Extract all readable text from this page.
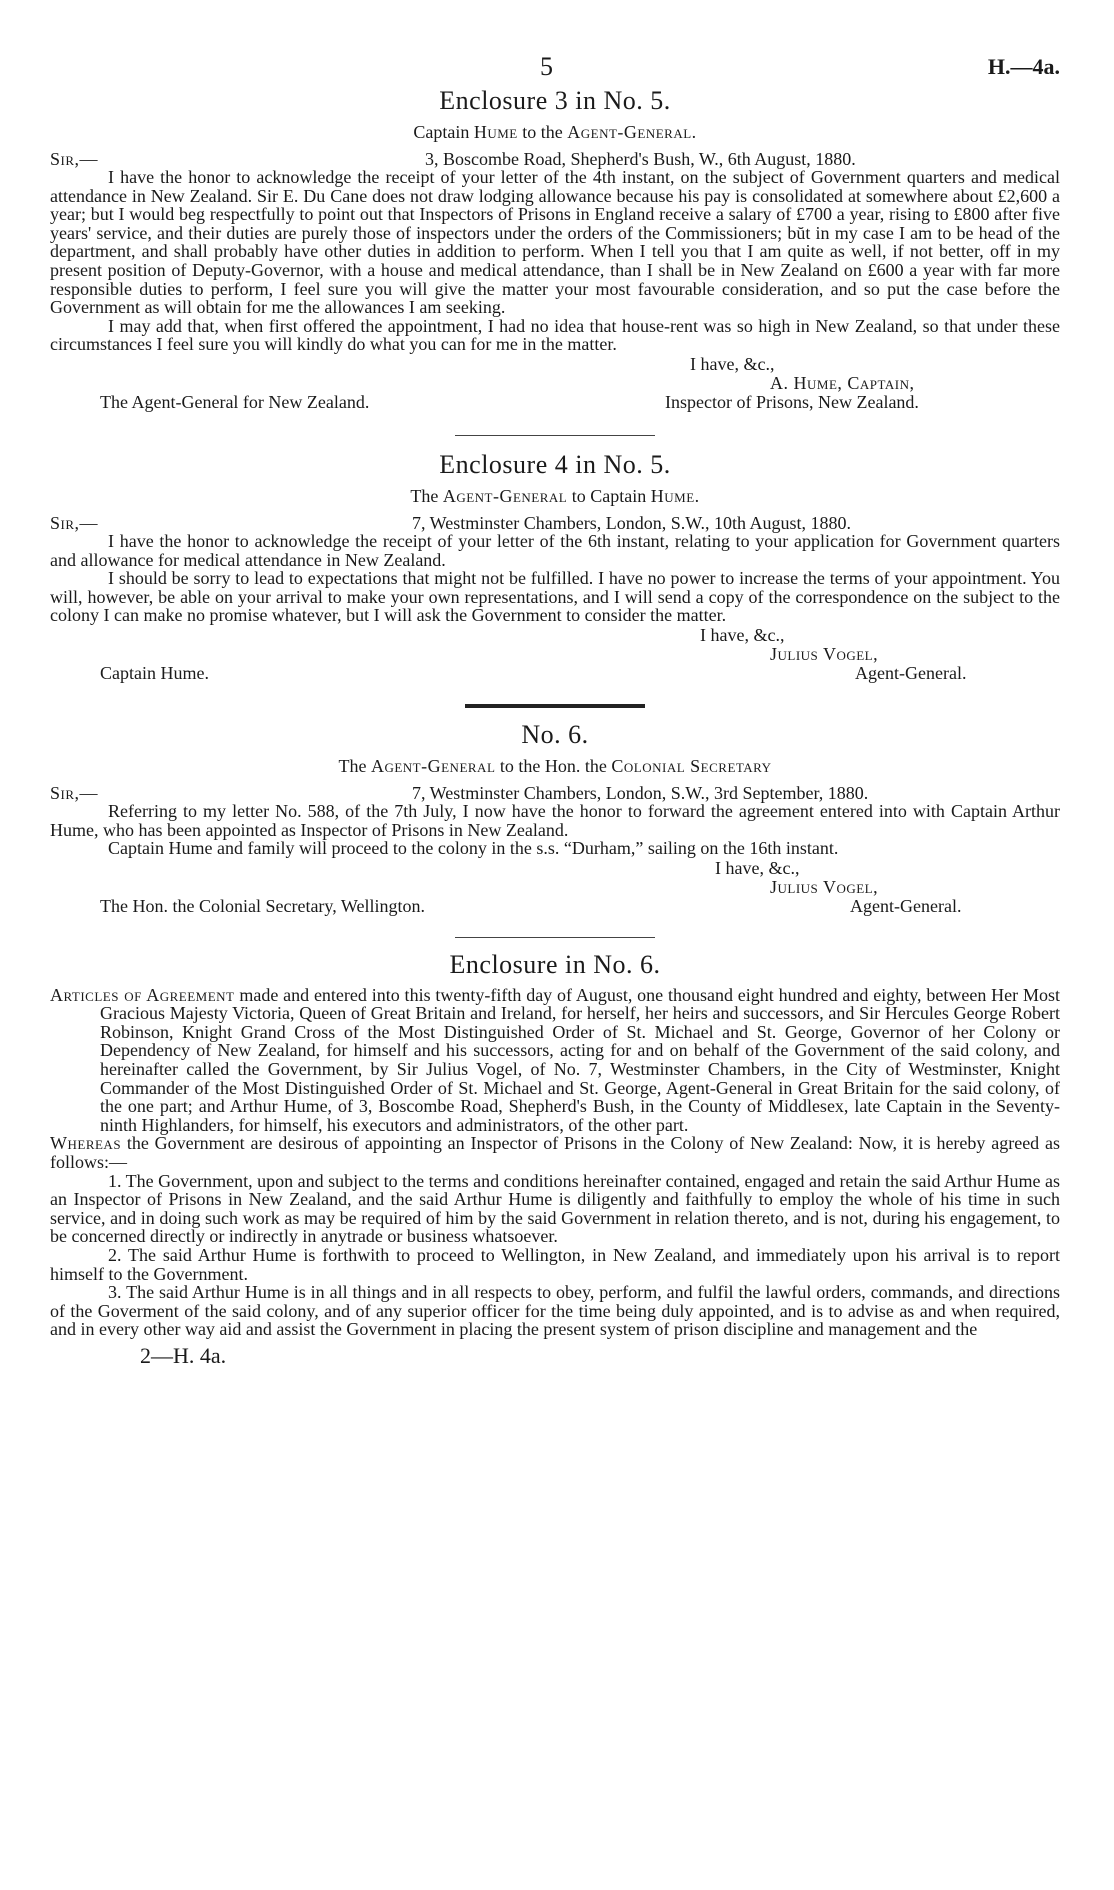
5	H.—4a.
Enclosure 3 in No. 5.
Captain Hume to the Agent-General.
Sir,—	3, Boscombe Road, Shepherd's Bush, W., 6th August, 1880.

I have the honor to acknowledge the receipt of your letter of the 4th instant, on the subject of Government quarters and medical attendance in New Zealand. Sir E. Du Cane does not draw lodging allowance because his pay is consolidated at somewhere about £2,600 a year; but I would beg respectfully to point out that Inspectors of Prisons in England receive a salary of £700 a year, rising to £800 after five years' service, and their duties are purely those of inspectors under the orders of the Commissioners; bŭt in my case I am to be head of the department, and shall probably have other duties in addition to perform. When I tell you that I am quite as well, if not better, off in my present position of Deputy-Governor, with a house and medical attendance, than I shall be in New Zealand on £600 a year with far more responsible duties to perform, I feel sure you will give the matter your most favourable consideration, and so put the case before the Government as will obtain for me the allowances I am seeking.

I may add that, when first offered the appointment, I had no idea that house-rent was so high in New Zealand, so that under these circumstances I feel sure you will kindly do what you can for me in the matter.

I have, &c.,
A. Hume, Captain,
The Agent-General for New Zealand.	Inspector of Prisons, New Zealand.
Enclosure 4 in No. 5.
The Agent-General to Captain Hume.
Sir,—	7, Westminster Chambers, London, S.W., 10th August, 1880.

I have the honor to acknowledge the receipt of your letter of the 6th instant, relating to your application for Government quarters and allowance for medical attendance in New Zealand.

I should be sorry to lead to expectations that might not be fulfilled. I have no power to increase the terms of your appointment. You will, however, be able on your arrival to make your own representations, and I will send a copy of the correspondence on the subject to the colony I can make no promise whatever, but I will ask the Government to consider the matter.

I have, &c.,
Julius Vogel,
Captain Hume.	Agent-General.
No. 6.
The Agent-General to the Hon. the Colonial Secretary
Sir,—	7, Westminster Chambers, London, S.W., 3rd September, 1880.

Referring to my letter No. 588, of the 7th July, I now have the honor to forward the agreement entered into with Captain Arthur Hume, who has been appointed as Inspector of Prisons in New Zealand.

Captain Hume and family will proceed to the colony in the s.s. “Durham,” sailing on the 16th instant.

I have, &c.,
Julius Vogel,
The Hon. the Colonial Secretary, Wellington.	Agent-General.
Enclosure in No. 6.

Articles of Agreement made and entered into this twenty-fifth day of August, one thousand eight hundred and eighty, between Her Most Gracious Majesty Victoria, Queen of Great Britain and Ireland, for herself, her heirs and successors, and Sir Hercules George Robert Robinson, Knight Grand Cross of the Most Distinguished Order of St. Michael and St. George, Governor of her Colony or Dependency of New Zealand, for himself and his successors, acting for and on behalf of the Government of the said colony, and hereinafter called the Government, by Sir Julius Vogel, of No. 7, Westminster Chambers, in the City of Westminster, Knight Commander of the Most Distinguished Order of St. Michael and St. George, Agent-General in Great Britain for the said colony, of the one part; and Arthur Hume, of 3, Boscombe Road, Shepherd's Bush, in the County of Middlesex, late Captain in the Seventy-ninth Highlanders, for himself, his executors and administrators, of the other part.

Whereas the Government are desirous of appointing an Inspector of Prisons in the Colony of New Zealand: Now, it is hereby agreed as follows:—

1. The Government, upon and subject to the terms and conditions hereinafter contained, engaged and retain the said Arthur Hume as an Inspector of Prisons in New Zealand, and the said Arthur Hume is diligently and faithfully to employ the whole of his time in such service, and in doing such work as may be required of him by the said Government in relation thereto, and is not, during his engagement, to be concerned directly or indirectly in anytrade or business whatsoever.

2. The said Arthur Hume is forthwith to proceed to Wellington, in New Zealand, and immediately upon his arrival is to report himself to the Government.

3. The said Arthur Hume is in all things and in all respects to obey, perform, and fulfil the lawful orders, commands, and directions of the Goverment of the said colony, and of any superior officer for the time being duly appointed, and is to advise as and when required, and in every other way aid and assist the Government in placing the present system of prison discipline and management and the

2—H. 4a.
